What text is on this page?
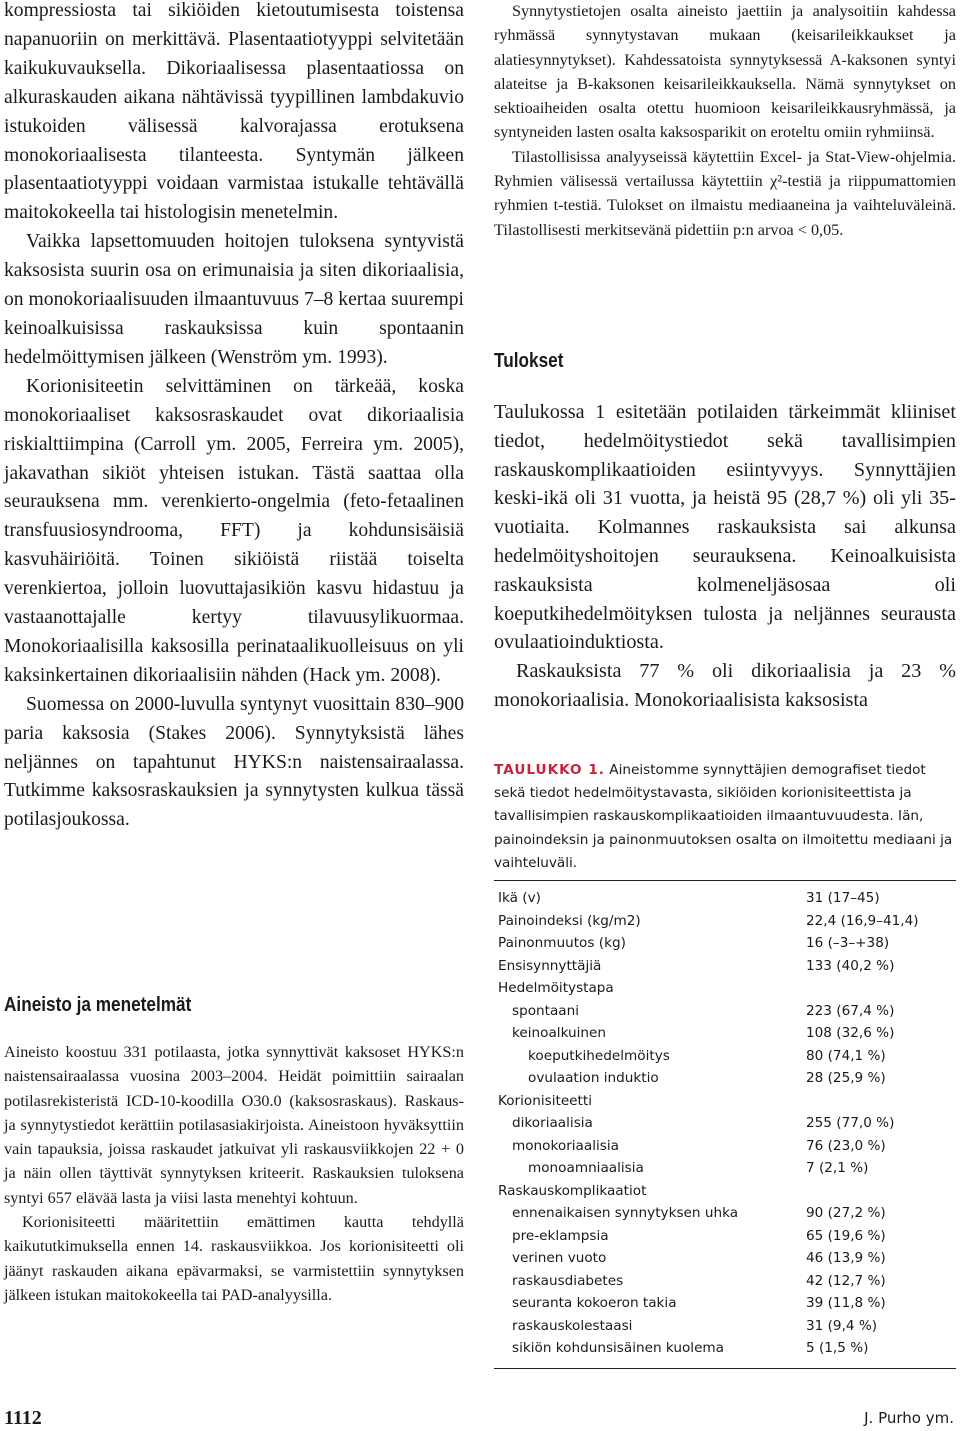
kompressiosta tai sikiöiden kietoutumisesta toistensa napanuoriin on merkittävä. Plasentaatiotyyppi selvitetään kaikukuvauksella. Dikoriaalisessa plasentaatiossa on alkuraskauden aikana nähtävissä tyypillinen lambdakuvio istukoiden välisessä kalvorajassa erotuksena monokoriaalisesta tilanteesta. Syntymän jälkeen plasentaatiotyyppi voidaan varmistaa istukalle tehtävällä maitokokeella tai histologisin menetelmin.

Vaikka lapsettomuuden hoitojen tuloksena syntyvistä kaksosista suurin osa on erimunaisia ja siten dikoriaalisia, on monokoriaalisuuden ilmaantuvuus 7–8 kertaa suurempi keinoalkuisissa raskauksissa kuin spontaanin hedelmöittymisen jälkeen (Wenström ym. 1993).

Korionisiteetin selvittäminen on tärkeää, koska monokoriaaliset kaksosraskaudet ovat dikoriaalisia riskialttiimpina (Carroll ym. 2005, Ferreira ym. 2005), jakavathan sikiöt yhteisen istukan. Tästä saattaa olla seurauksena mm. verenkierto-ongelmia (feto-fetaalinen transfuusiosyndrooma, FFT) ja kohdunsisäisiä kasvuhäiriöitä. Toinen sikiöistä riistää toiselta verenkiertoa, jolloin luovuttajasikiön kasvu hidastuu ja vastaanottajalle kertyy tilavuusylikuormaa. Monokoriaalisilla kaksosilla perinataalikuolleisuus on yli kaksinkertainen dikoriaalisiin nähden (Hack ym. 2008).

Suomessa on 2000-luvulla syntynyt vuosittain 830–900 paria kaksosia (Stakes 2006). Synnytyksistä lähes neljännes on tapahtunut HYKS:n naistensairaalassa. Tutkimme kaksosraskauksien ja synnytysten kulkua tässä potilasjoukossa.

Aineisto ja menetelmät

Aineisto koostuu 331 potilaasta, jotka synnyttivät kaksoset HYKS:n naistensairaalassa vuosina 2003–2004. Heidät poimittiin sairaalan potilasrekisteristä ICD-10-koodilla O30.0 (kaksosraskaus). Raskaus- ja synnytystiedot kerättiin potilasasiakirjoista. Aineistoon hyväksyttiin vain tapauksia, joissa raskaudet jatkuivat yli raskausviikkojen 22 + 0 ja näin ollen täyttivät synnytyksen kriteerit. Raskauksien tuloksena syntyi 657 elävää lasta ja viisi lasta menehtyi kohtuun.

Korionisiteetti määritettiin emättimen kautta tehdyllä kaikututkimuksella ennen 14. raskausviikkoa. Jos korionisiteetti oli jäänyt raskauden aikana epävarmaksi, se varmistettiin synnytyksen jälkeen istukan maitokokeella tai PAD-analyysilla.

Synnytystietojen osalta aineisto jaettiin ja analysoitiin kahdessa ryhmässä synnytystavan mukaan (keisarileikkaukset ja alatiesynnytykset). Kahdessatoista synnytyksessä A-kaksonen syntyi alateitse ja B-kaksonen keisarileikkauksella. Nämä synnytykset on sektioaiheiden osalta otettu huomioon keisarileikkausryhmässä, ja syntyneiden lasten osalta kaksosparikit on eroteltu omiin ryhmiinsä.

Tilastollisissa analyyseissä käytettiin Excel- ja Stat-View-ohjelmia. Ryhmien välisessä vertailussa käytettiin χ²-testiä ja riippumattomien ryhmien t-testiä. Tulokset on ilmaistu mediaaneina ja vaihteluväleinä. Tilastollisesti merkitsevänä pidettiin p:n arvoa < 0,05.

Tulokset

Taulukossa 1 esitetään potilaiden tärkeimmät kliiniset tiedot, hedelmöitystiedot sekä tavallisimpien raskauskomplikaatioiden esiintyvyys. Synnyttäjien keski-ikä oli 31 vuotta, ja heistä 95 (28,7 %) oli yli 35-vuotiaita. Kolmannes raskauksista sai alkunsa hedelmöityshoitojen seurauksena. Keinoalkuisista raskauksista kolmeneljäsosaa oli koeputkihedelmöityksen tulosta ja neljännes seurausta ovulaatioinduktiosta.

Raskauksista 77 % oli dikoriaalisia ja 23 % monokoriaalisia. Monokoriaalisista kaksosista

TAULUKKO 1. Aineistomme synnyttäjien demografiset tiedot sekä tiedot hedelmöitystavasta, sikiöiden korionisiteettista ja tavallisimpien raskauskomplikaatioiden ilmaantuvuudesta. Iän, painoindeksin ja painonmuutoksen osalta on ilmoitettu mediaani ja vaihteluväli.
Ikä (v)	31 (17–45)
Painoindeksi (kg/m2)	22,4 (16,9–41,4)
Painonmuutos (kg)	16 (–3–+38)
Ensisynnyttäjiä	133 (40,2 %)
Hedelmöitystapa	
spontaani	223 (67,4 %)
keinoalkuinen	108 (32,6 %)
koeputkihedelmöitys	80 (74,1 %)
ovulaation induktio	28 (25,9 %)
Korionisiteetti	
dikoriaalisia	255 (77,0 %)
monokoriaalisia	76 (23,0 %)
monoamniaalisia	7 (2,1 %)
Raskauskomplikaatiot	
ennenaikaisen synnytyksen uhka	90 (27,2 %)
pre-eklampsia	65 (19,6 %)
verinen vuoto	46 (13,9 %)
raskausdiabetes	42 (12,7 %)
seuranta kokoeron takia	39 (11,8 %)
raskauskolestaasi	31 (9,4 %)
sikiön kohdunsisäinen kuolema	5 (1,5 %)
1112	J. Purho ym.
